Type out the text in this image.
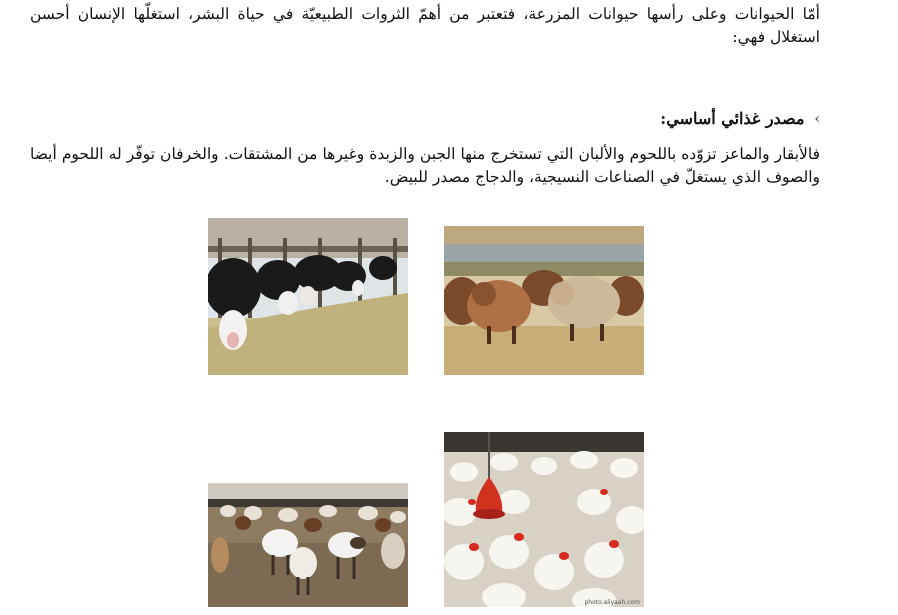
أمّا الحيوانات وعلى رأسها حيوانات المزرعة، فتعتبر من أهمّ الثروات الطبيعيّة في حياة البشر، استغلّها الإنسان أحسن استغلال فهي:

›
مصدر غذائي أساسي:

فالأبقار والماعز تزوّده باللحوم والألبان التي تستخرج منها الجبن والزبدة وغيرها من المشتقات. والخرفان توفّر له اللحوم أيضا والصوف الذي يستغلّ في الصناعات النسيجية، والدجاج مصدر للبيض.

photo.aliyaah.com
